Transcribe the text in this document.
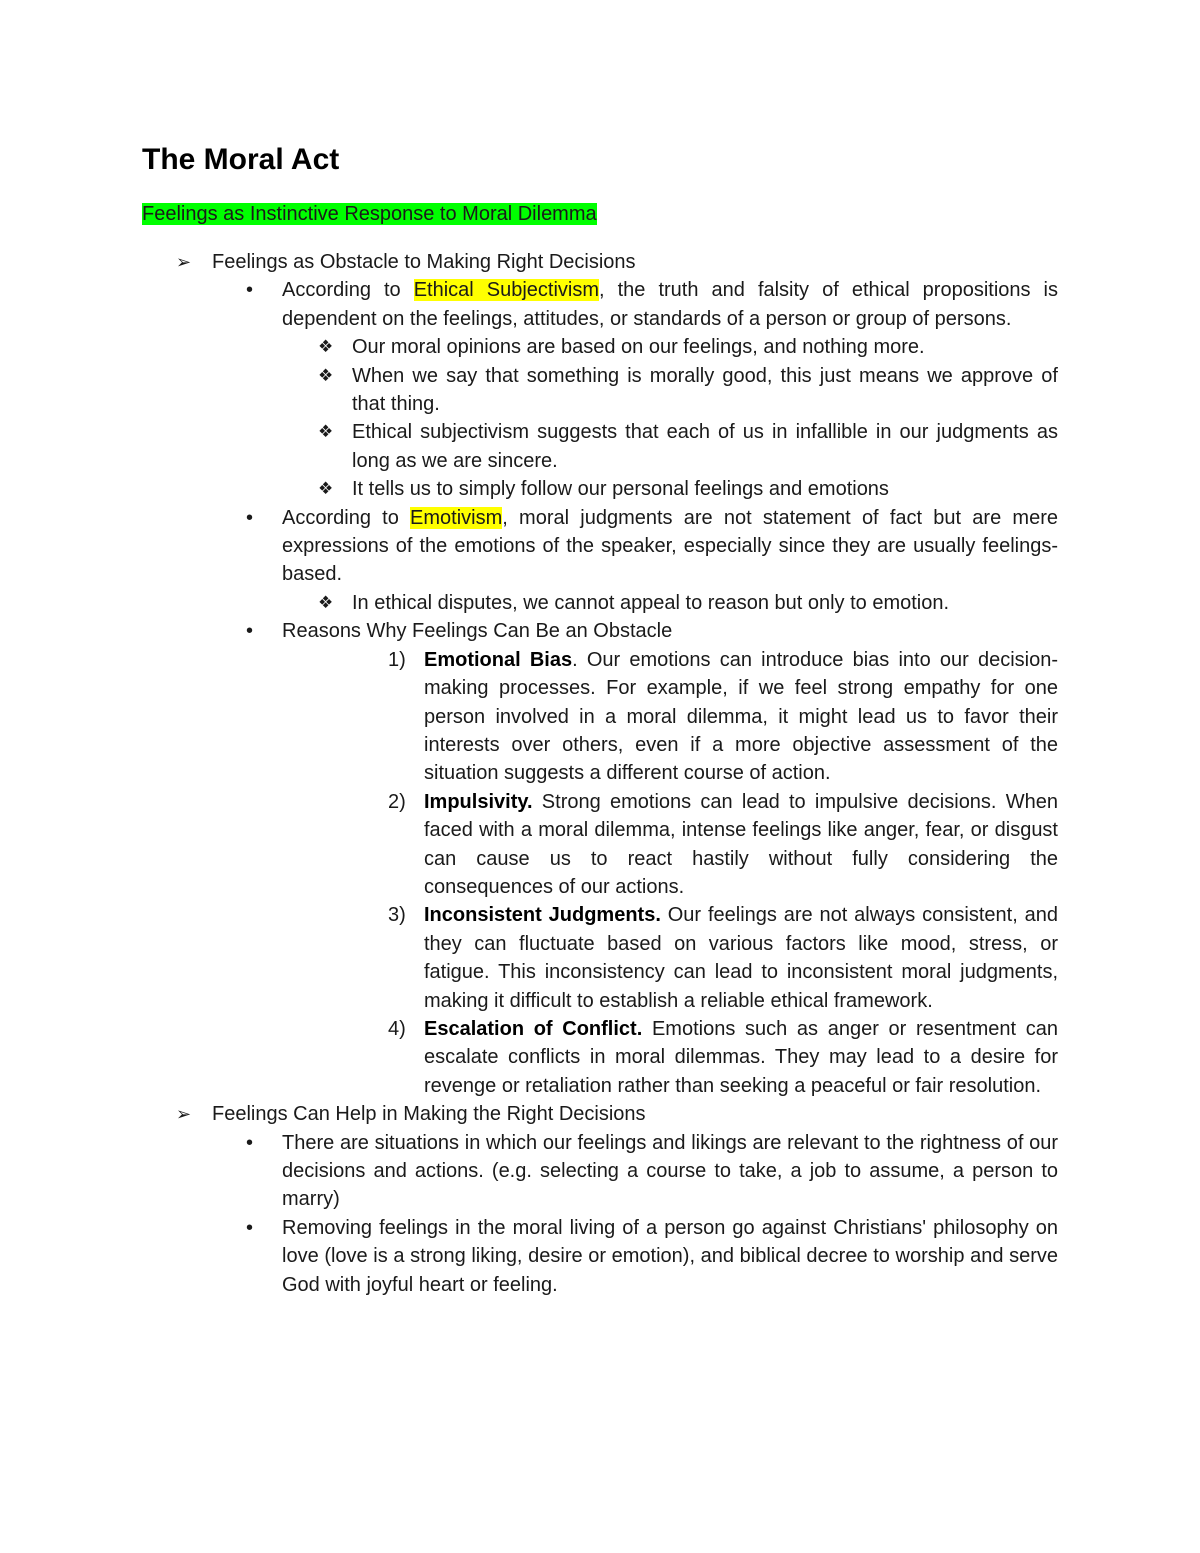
The Moral Act
Feelings as Instinctive Response to Moral Dilemma
➢ Feelings as Obstacle to Making Right Decisions
• According to Ethical Subjectivism, the truth and falsity of ethical propositions is dependent on the feelings, attitudes, or standards of a person or group of persons.
❖ Our moral opinions are based on our feelings, and nothing more.
❖ When we say that something is morally good, this just means we approve of that thing.
❖ Ethical subjectivism suggests that each of us in infallible in our judgments as long as we are sincere.
❖ It tells us to simply follow our personal feelings and emotions
• According to Emotivism, moral judgments are not statement of fact but are mere expressions of the emotions of the speaker, especially since they are usually feelings-based.
❖ In ethical disputes, we cannot appeal to reason but only to emotion.
• Reasons Why Feelings Can Be an Obstacle
1) Emotional Bias. Our emotions can introduce bias into our decision-making processes. For example, if we feel strong empathy for one person involved in a moral dilemma, it might lead us to favor their interests over others, even if a more objective assessment of the situation suggests a different course of action.
2) Impulsivity. Strong emotions can lead to impulsive decisions. When faced with a moral dilemma, intense feelings like anger, fear, or disgust can cause us to react hastily without fully considering the consequences of our actions.
3) Inconsistent Judgments. Our feelings are not always consistent, and they can fluctuate based on various factors like mood, stress, or fatigue. This inconsistency can lead to inconsistent moral judgments, making it difficult to establish a reliable ethical framework.
4) Escalation of Conflict. Emotions such as anger or resentment can escalate conflicts in moral dilemmas. They may lead to a desire for revenge or retaliation rather than seeking a peaceful or fair resolution.
➢ Feelings Can Help in Making the Right Decisions
• There are situations in which our feelings and likings are relevant to the rightness of our decisions and actions. (e.g. selecting a course to take, a job to assume, a person to marry)
• Removing feelings in the moral living of a person go against Christians' philosophy on love (love is a strong liking, desire or emotion), and biblical decree to worship and serve God with joyful heart or feeling.
